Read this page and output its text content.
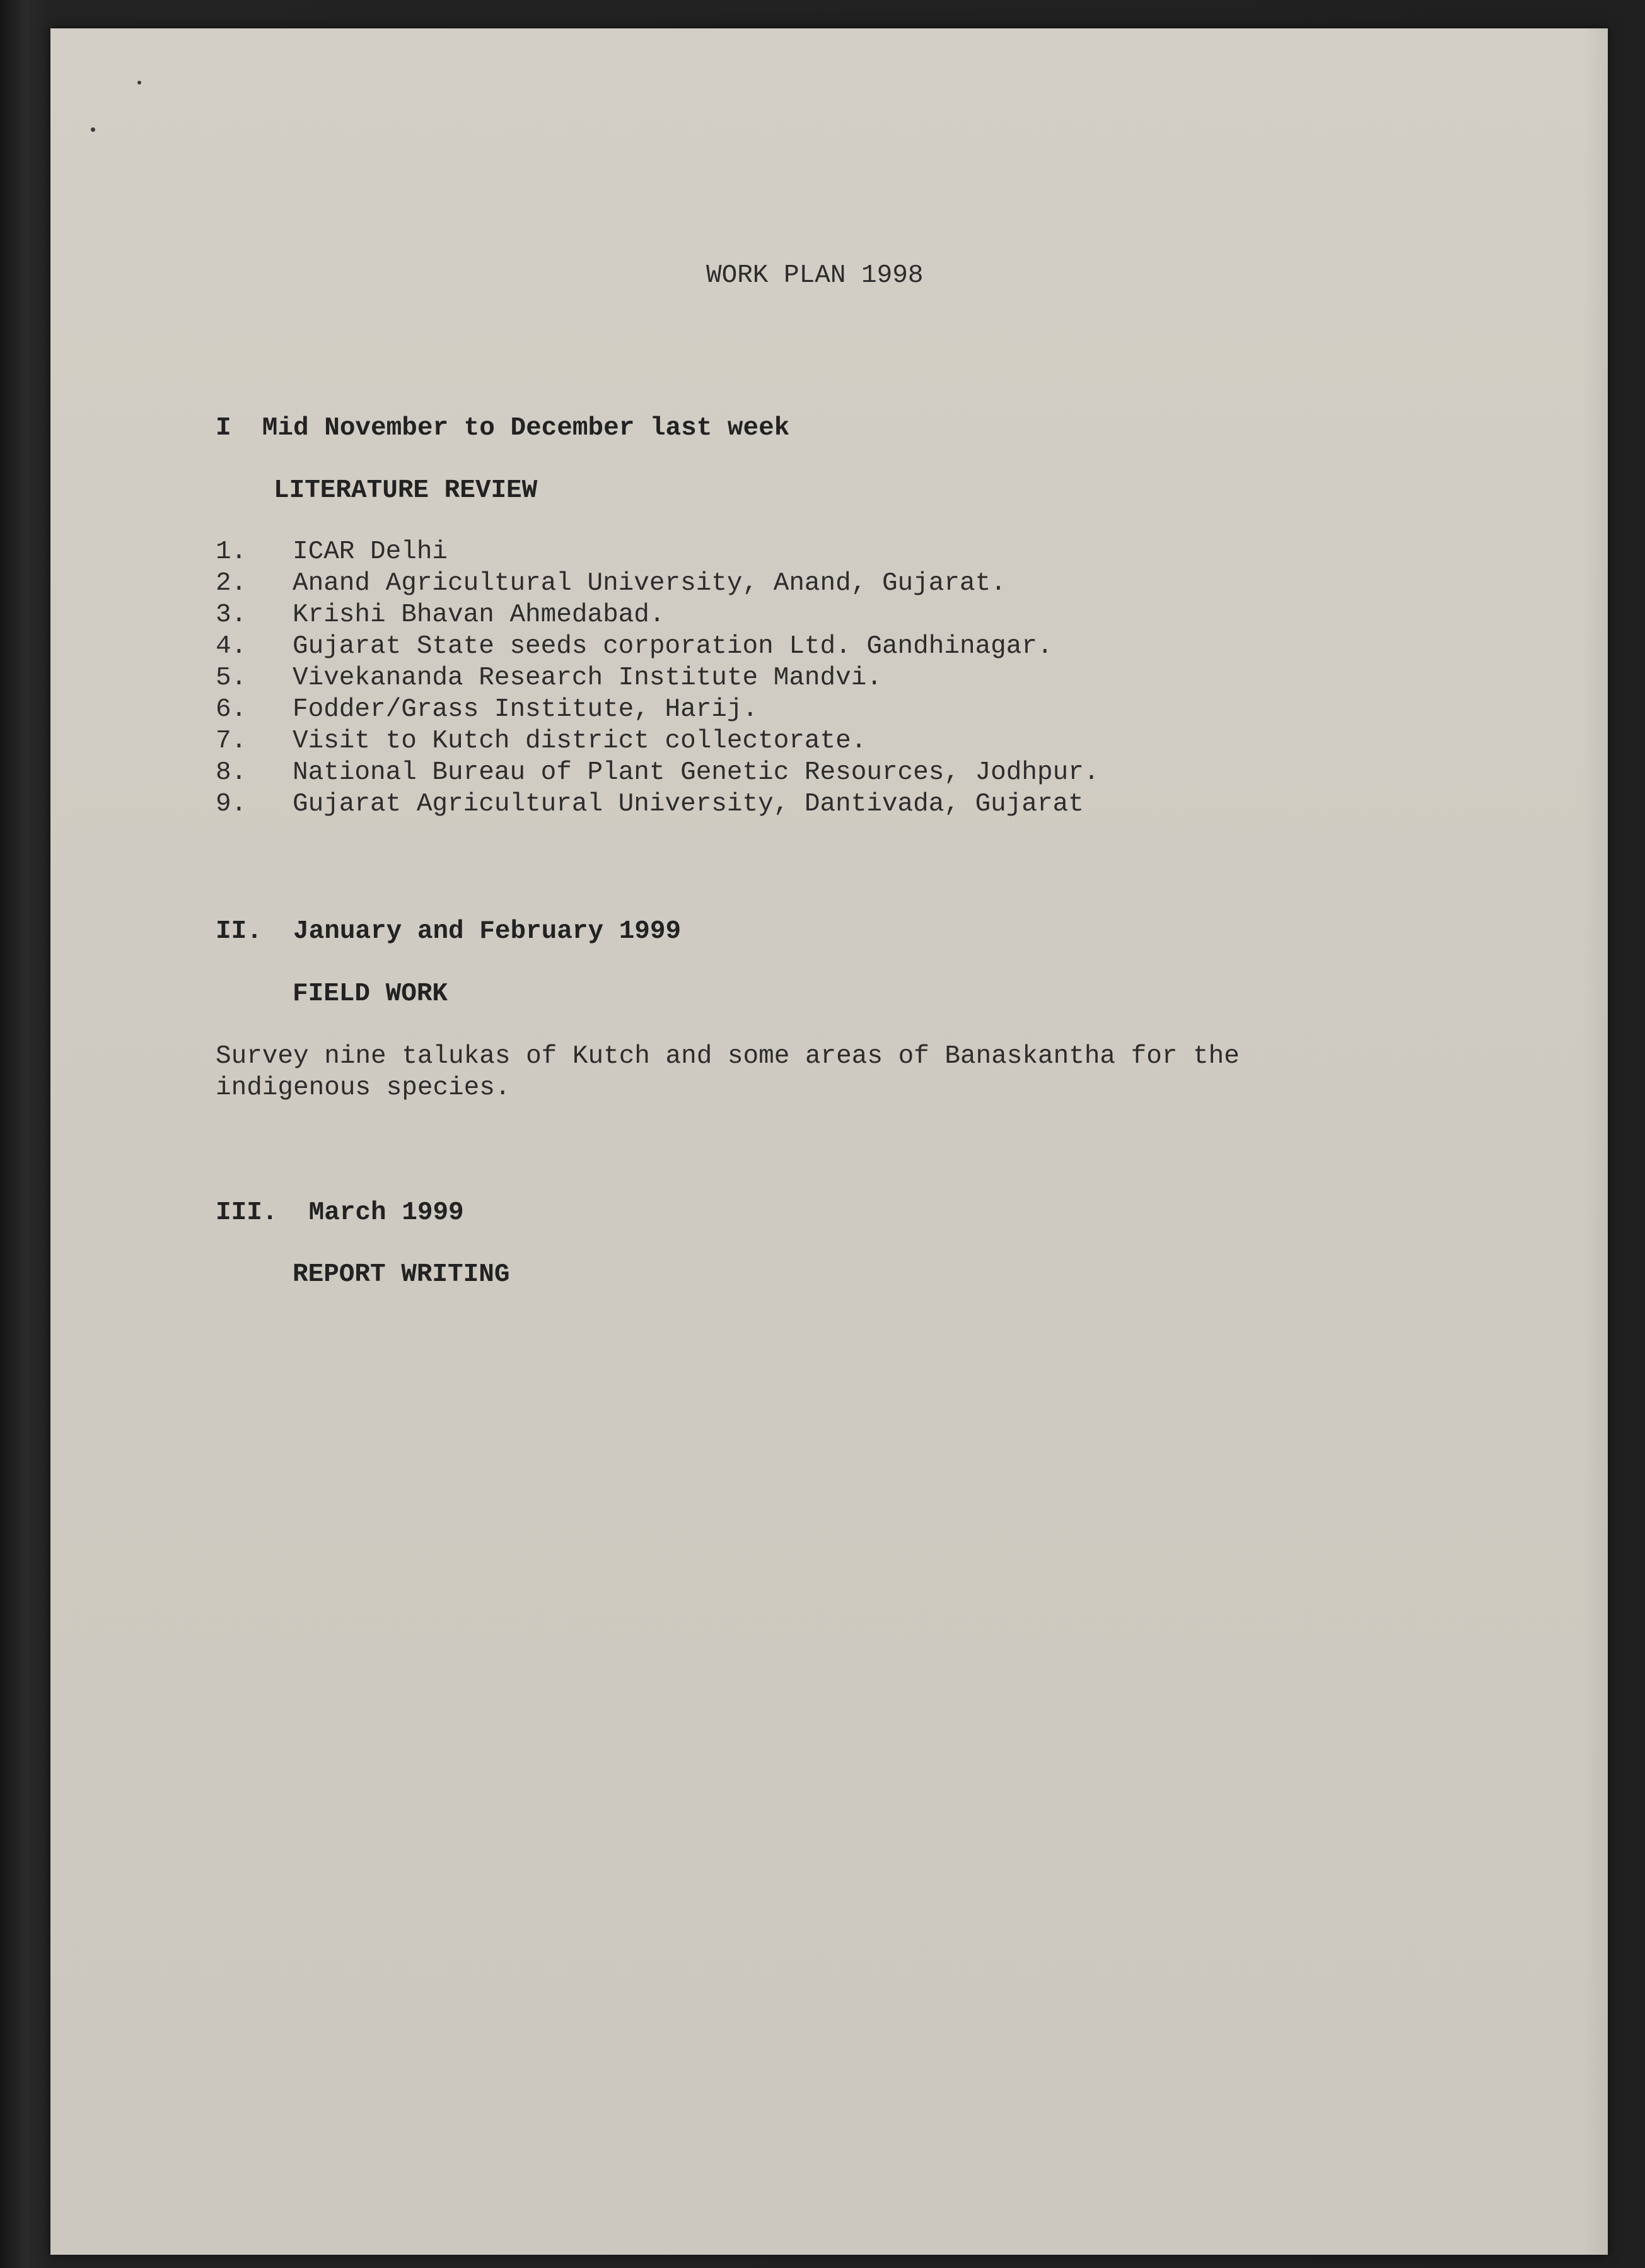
WORK PLAN 1998
I  Mid November to December last week
LITERATURE REVIEW
1. ICAR Delhi
2. Anand Agricultural University, Anand, Gujarat.
3. Krishi Bhavan Ahmedabad.
4. Gujarat State seeds corporation Ltd. Gandhinagar.
5. Vivekananda Research Institute Mandvi.
6. Fodder/Grass Institute, Harij.
7. Visit to Kutch district collectorate.
8. National Bureau of Plant Genetic Resources, Jodhpur.
9. Gujarat Agricultural University, Dantivada, Gujarat
II.  January and February 1999
FIELD WORK
Survey nine talukas of Kutch and some areas of Banaskantha for the
indigenous species.
III.  March 1999
REPORT WRITING
